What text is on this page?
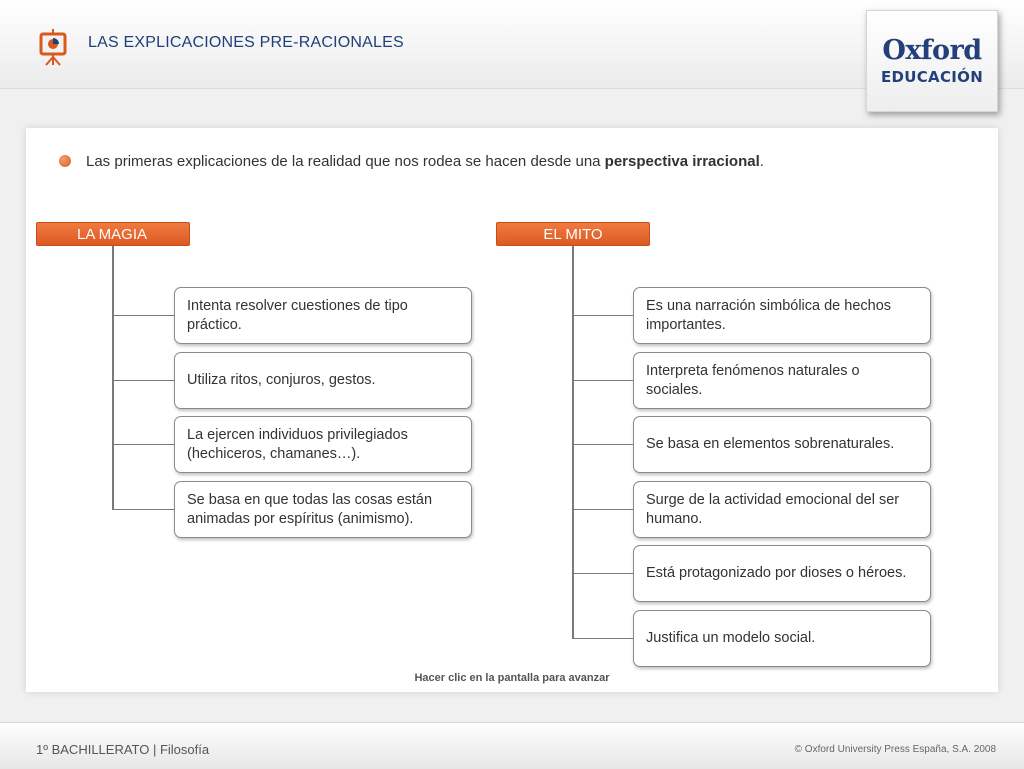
LAS EXPLICACIONES PRE-RACIONALES	Oxford
EDUCACIÓN
Las primeras explicaciones de la realidad que nos rodea se hacen desde una perspectiva irracional.
LA MAGIA
Intenta resolver cuestiones de tipo práctico.
Utiliza ritos, conjuros, gestos.
La ejercen individuos privilegiados (hechiceros, chamanes…).
Se basa en que todas las cosas están animadas por espíritus (animismo).
EL MITO
Es una narración simbólica de hechos importantes.
Interpreta fenómenos naturales o sociales.
Se basa en elementos sobrenaturales.
Surge de la actividad emocional del ser humano.
Está protagonizado por dioses o héroes.
Justifica un modelo social.
Hacer clic en la pantalla para avanzar
1º BACHILLERATO | Filosofía	© Oxford University Press España, S.A. 2008
